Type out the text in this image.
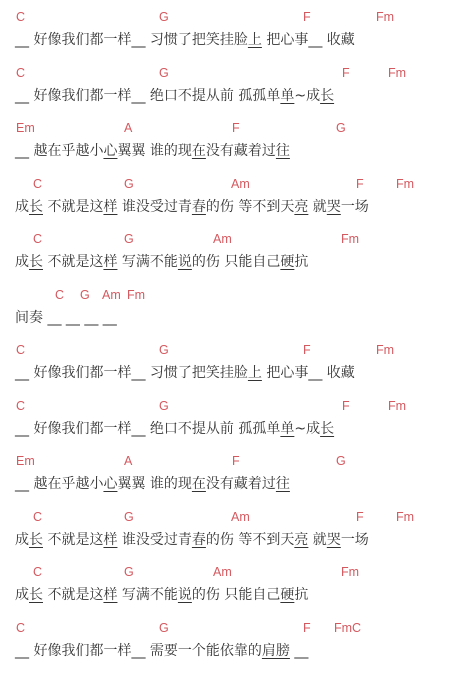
C	G	F	Fm
__ 好像我们都一样__ 习惯了把笑挂脸上 把心事__ 收藏
C	G	F	Fm
__ 好像我们都一样__ 绝口不提从前 孤孤单单~成长
Em	A	F	G
__ 越在乎越小心翼翼 谁的现在没有藏着过往
C	G	Am	F	Fm
成长 不就是这样 谁没受过青春的伤 等不到天亮 就哭一场
C	G	Am	Fm
成长 不就是这样 写满不能说的伤 只能自己硬抗
C G Am Fm
间奏 __ __ __ __
C	G	F	Fm
__ 好像我们都一样__ 习惯了把笑挂脸上 把心事__ 收藏
C	G	F	Fm
__ 好像我们都一样__ 绝口不提从前 孤孤单单~成长
Em	A	F	G
__ 越在乎越小心翼翼 谁的现在没有藏着过往
C	G	Am	F	Fm
成长 不就是这样 谁没受过青春的伤 等不到天亮 就哭一场
C	G	Am	Fm
成长 不就是这样 写满不能说的伤 只能自己硬抗
C	G	F FmC
__ 好像我们都一样__ 需要一个能依靠的肩膀 __
